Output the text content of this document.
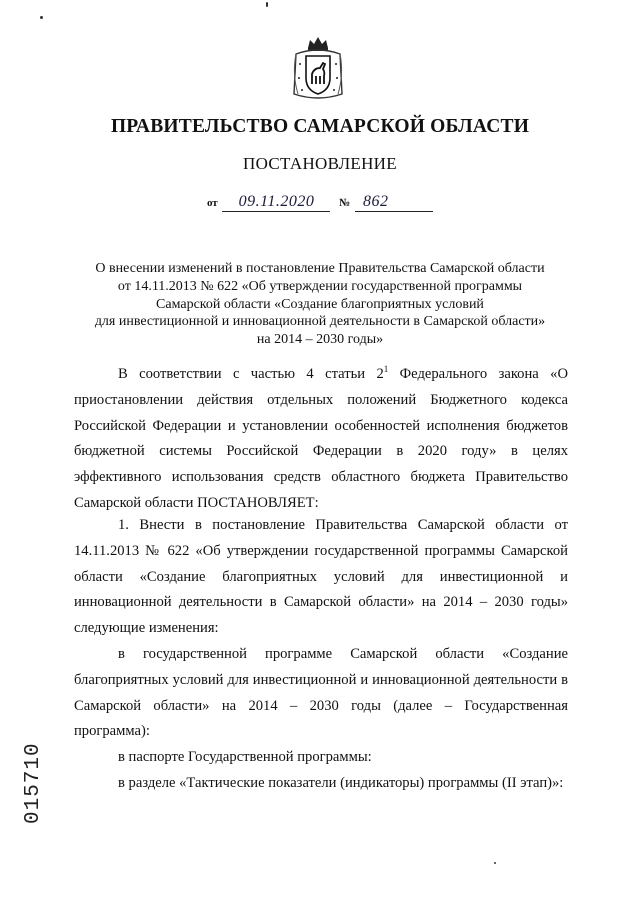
ПРАВИТЕЛЬСТВО САМАРСКОЙ ОБЛАСТИ
ПОСТАНОВЛЕНИЕ
от 09.11.2020 № 862
О внесении изменений в постановление Правительства Самарской области
от 14.11.2013 № 622 «Об утверждении государственной программы
Самарской области «Создание благоприятных условий
для инвестиционной и инновационной деятельности в Самарской области»
на 2014 – 2030 годы»

В соответствии с частью 4 статьи $2^1$ Федерального закона «О приостановлении действия отдельных положений Бюджетного кодекса Российской Федерации и установлении особенностей исполнения бюджетов бюджетной системы Российской Федерации в 2020 году» в целях эффективного использования средств областного бюджета Правительство Самарской области ПОСТАНОВЛЯЕТ:

1. Внести в постановление Правительства Самарской области от 14.11.2013 № 622 «Об утверждении государственной программы Самарской области «Создание благоприятных условий для инвестиционной и инновационной деятельности в Самарской области» на 2014 – 2030 годы» следующие изменения:

в государственной программе Самарской области «Создание благоприятных условий для инвестиционной и инновационной деятельности в Самарской области» на 2014 – 2030 годы (далее – Государственная программа):

в паспорте Государственной программы:

в разделе «Тактические показатели (индикаторы) программы (II этап)»:

015710
